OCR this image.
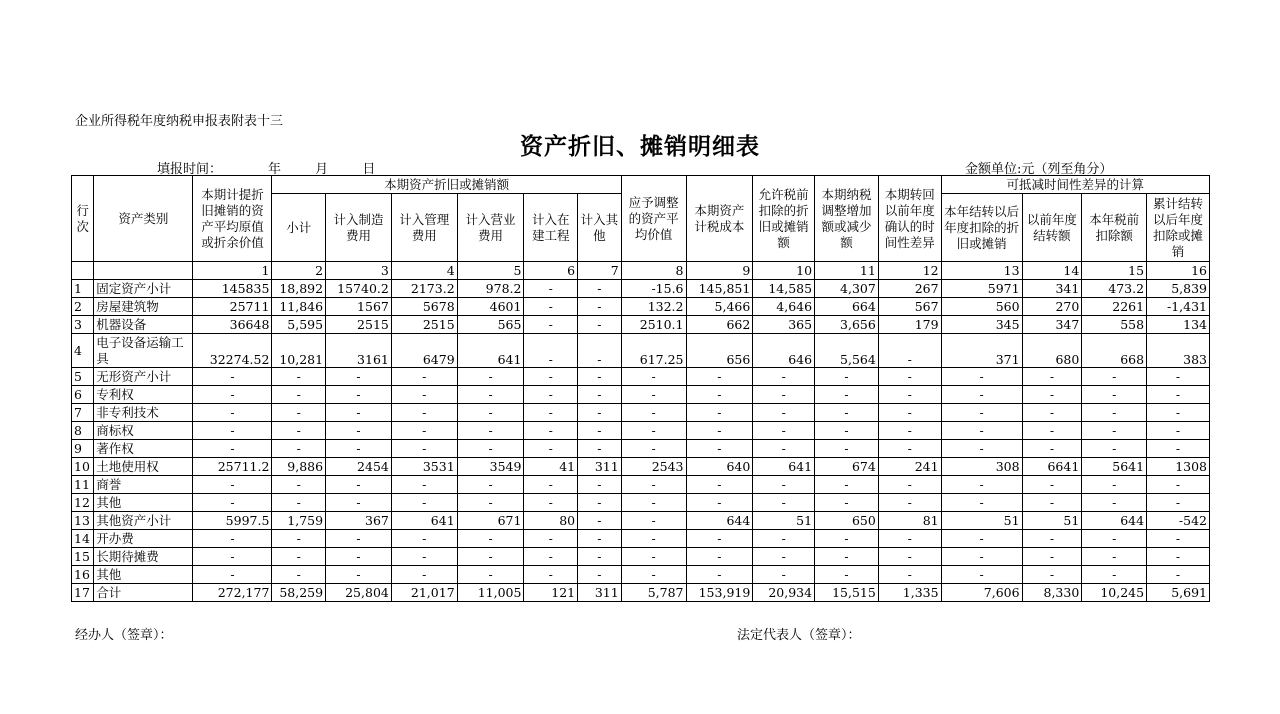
企业所得税年度纳税申报表附表十三
资产折旧、摊销明细表
填报时间：	年	月	日	金额单位:元（列至角分）
行次	资产类别	本期计提折旧摊销的资产平均原值或折余价值	本期资产折旧或摊销额						应予调整的资产平均价值	本期资产计税成本	允许税前扣除的折旧或摊销额	本期纳税调整增加额或减少额	本期转回以前年度确认的时间性差异	可抵减时间性差异的计算			
			小计	计入制造费用	计入管理费用	计入营业费用	计入在建工程	计入其他						本年结转以后年度扣除的折旧或摊销	以前年度结转额	本年税前扣除额	累计结转以后年度扣除或摊销
		1	2	3	4	5	6	7	8	9	10	11	12	13	14	15	16
1	固定资产小计	145835	18,892	15740.2	2173.2	978.2	-	-	-15.6	145,851	14,585	4,307	267	5971	341	473.2	5,839
2	房屋建筑物	25711	11,846	1567	5678	4601	-	-	132.2	5,466	4,646	664	567	560	270	2261	-1,431
3	机器设备	36648	5,595	2515	2515	565	-	-	2510.1	662	365	3,656	179	345	347	558	134
4	电子设备运输工具	32274.52	10,281	3161	6479	641	-	-	617.25	656	646	5,564	-	371	680	668	383
5	无形资产小计	-	-	-	-	-	-	-	-	-	-	-	-	-	-	-	-
6	专利权	-	-	-	-	-	-	-	-	-	-	-	-	-	-	-	-
7	非专利技术	-	-	-	-	-	-	-	-	-	-	-	-	-	-	-	-
8	商标权	-	-	-	-	-	-	-	-	-	-	-	-	-	-	-	-
9	著作权	-	-	-	-	-	-	-	-	-	-	-	-	-	-	-	-
10	土地使用权	25711.2	9,886	2454	3531	3549	41	311	2543	640	641	674	241	308	6641	5641	1308
11	商誉	-	-	-	-	-	-	-	-	-	-	-	-	-	-	-	-
12	其他	-	-	-	-	-	-	-	-	-	-	-	-	-	-	-	-
13	其他资产小计	5997.5	1,759	367	641	671	80	-	-	644	51	650	81	51	51	644	-542
14	开办费	-	-	-	-	-	-	-	-	-	-	-	-	-	-	-	-
15	长期待摊费	-	-	-	-	-	-	-	-	-	-	-	-	-	-	-	-
16	其他	-	-	-	-	-	-	-	-	-	-	-	-	-	-	-	-
17	合计	272,177	58,259	25,804	21,017	11,005	121	311	5,787	153,919	20,934	15,515	1,335	7,606	8,330	10,245	5,691
经办人（签章）：	法定代表人（签章）：
